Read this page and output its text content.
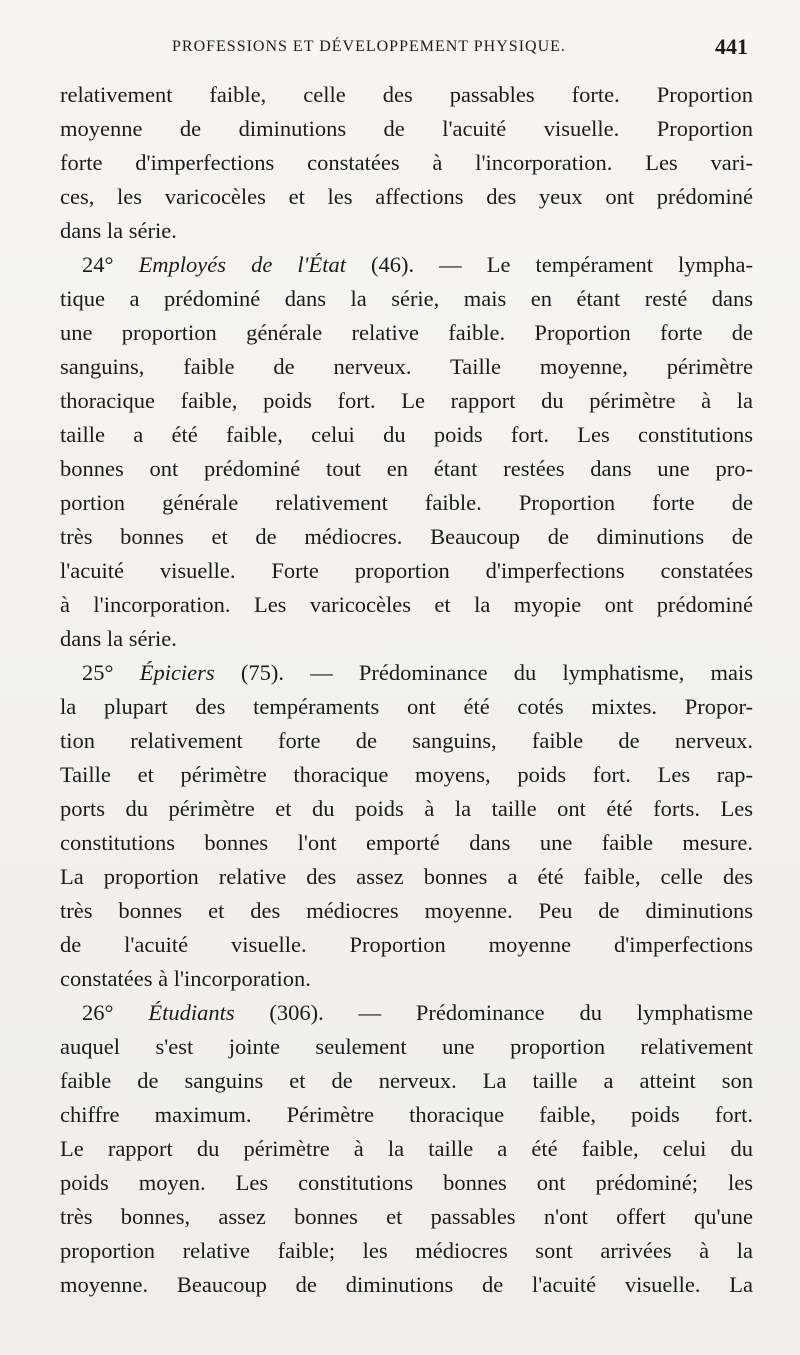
PROFESSIONS ET DÉVELOPPEMENT PHYSIQUE.	441
relativement faible, celle des passables forte. Proportion
moyenne de diminutions de l'acuité visuelle. Proportion
forte d'imperfections constatées à l'incorporation. Les vari-
ces, les varicocèles et les affections des yeux ont prédominé
dans la série.
24° Employés de l'État (46). — Le tempérament lympha-
tique a prédominé dans la série, mais en étant resté dans
une proportion générale relative faible. Proportion forte de
sanguins, faible de nerveux. Taille moyenne, périmètre
thoracique faible, poids fort. Le rapport du périmètre à la
taille a été faible, celui du poids fort. Les constitutions
bonnes ont prédominé tout en étant restées dans une pro-
portion générale relativement faible. Proportion forte de
très bonnes et de médiocres. Beaucoup de diminutions de
l'acuité visuelle. Forte proportion d'imperfections constatées
à l'incorporation. Les varicocèles et la myopie ont prédominé
dans la série.
25° Épiciers (75). — Prédominance du lymphatisme, mais
la plupart des tempéraments ont été cotés mixtes. Propor-
tion relativement forte de sanguins, faible de nerveux.
Taille et périmètre thoracique moyens, poids fort. Les rap-
ports du périmètre et du poids à la taille ont été forts. Les
constitutions bonnes l'ont emporté dans une faible mesure.
La proportion relative des assez bonnes a été faible, celle des
très bonnes et des médiocres moyenne. Peu de diminutions
de l'acuité visuelle. Proportion moyenne d'imperfections
constatées à l'incorporation.
26° Étudiants (306). — Prédominance du lymphatisme
auquel s'est jointe seulement une proportion relativement
faible de sanguins et de nerveux. La taille a atteint son
chiffre maximum. Périmètre thoracique faible, poids fort.
Le rapport du périmètre à la taille a été faible, celui du
poids moyen. Les constitutions bonnes ont prédominé; les
très bonnes, assez bonnes et passables n'ont offert qu'une
proportion relative faible; les médiocres sont arrivées à la
moyenne. Beaucoup de diminutions de l'acuité visuelle. La
